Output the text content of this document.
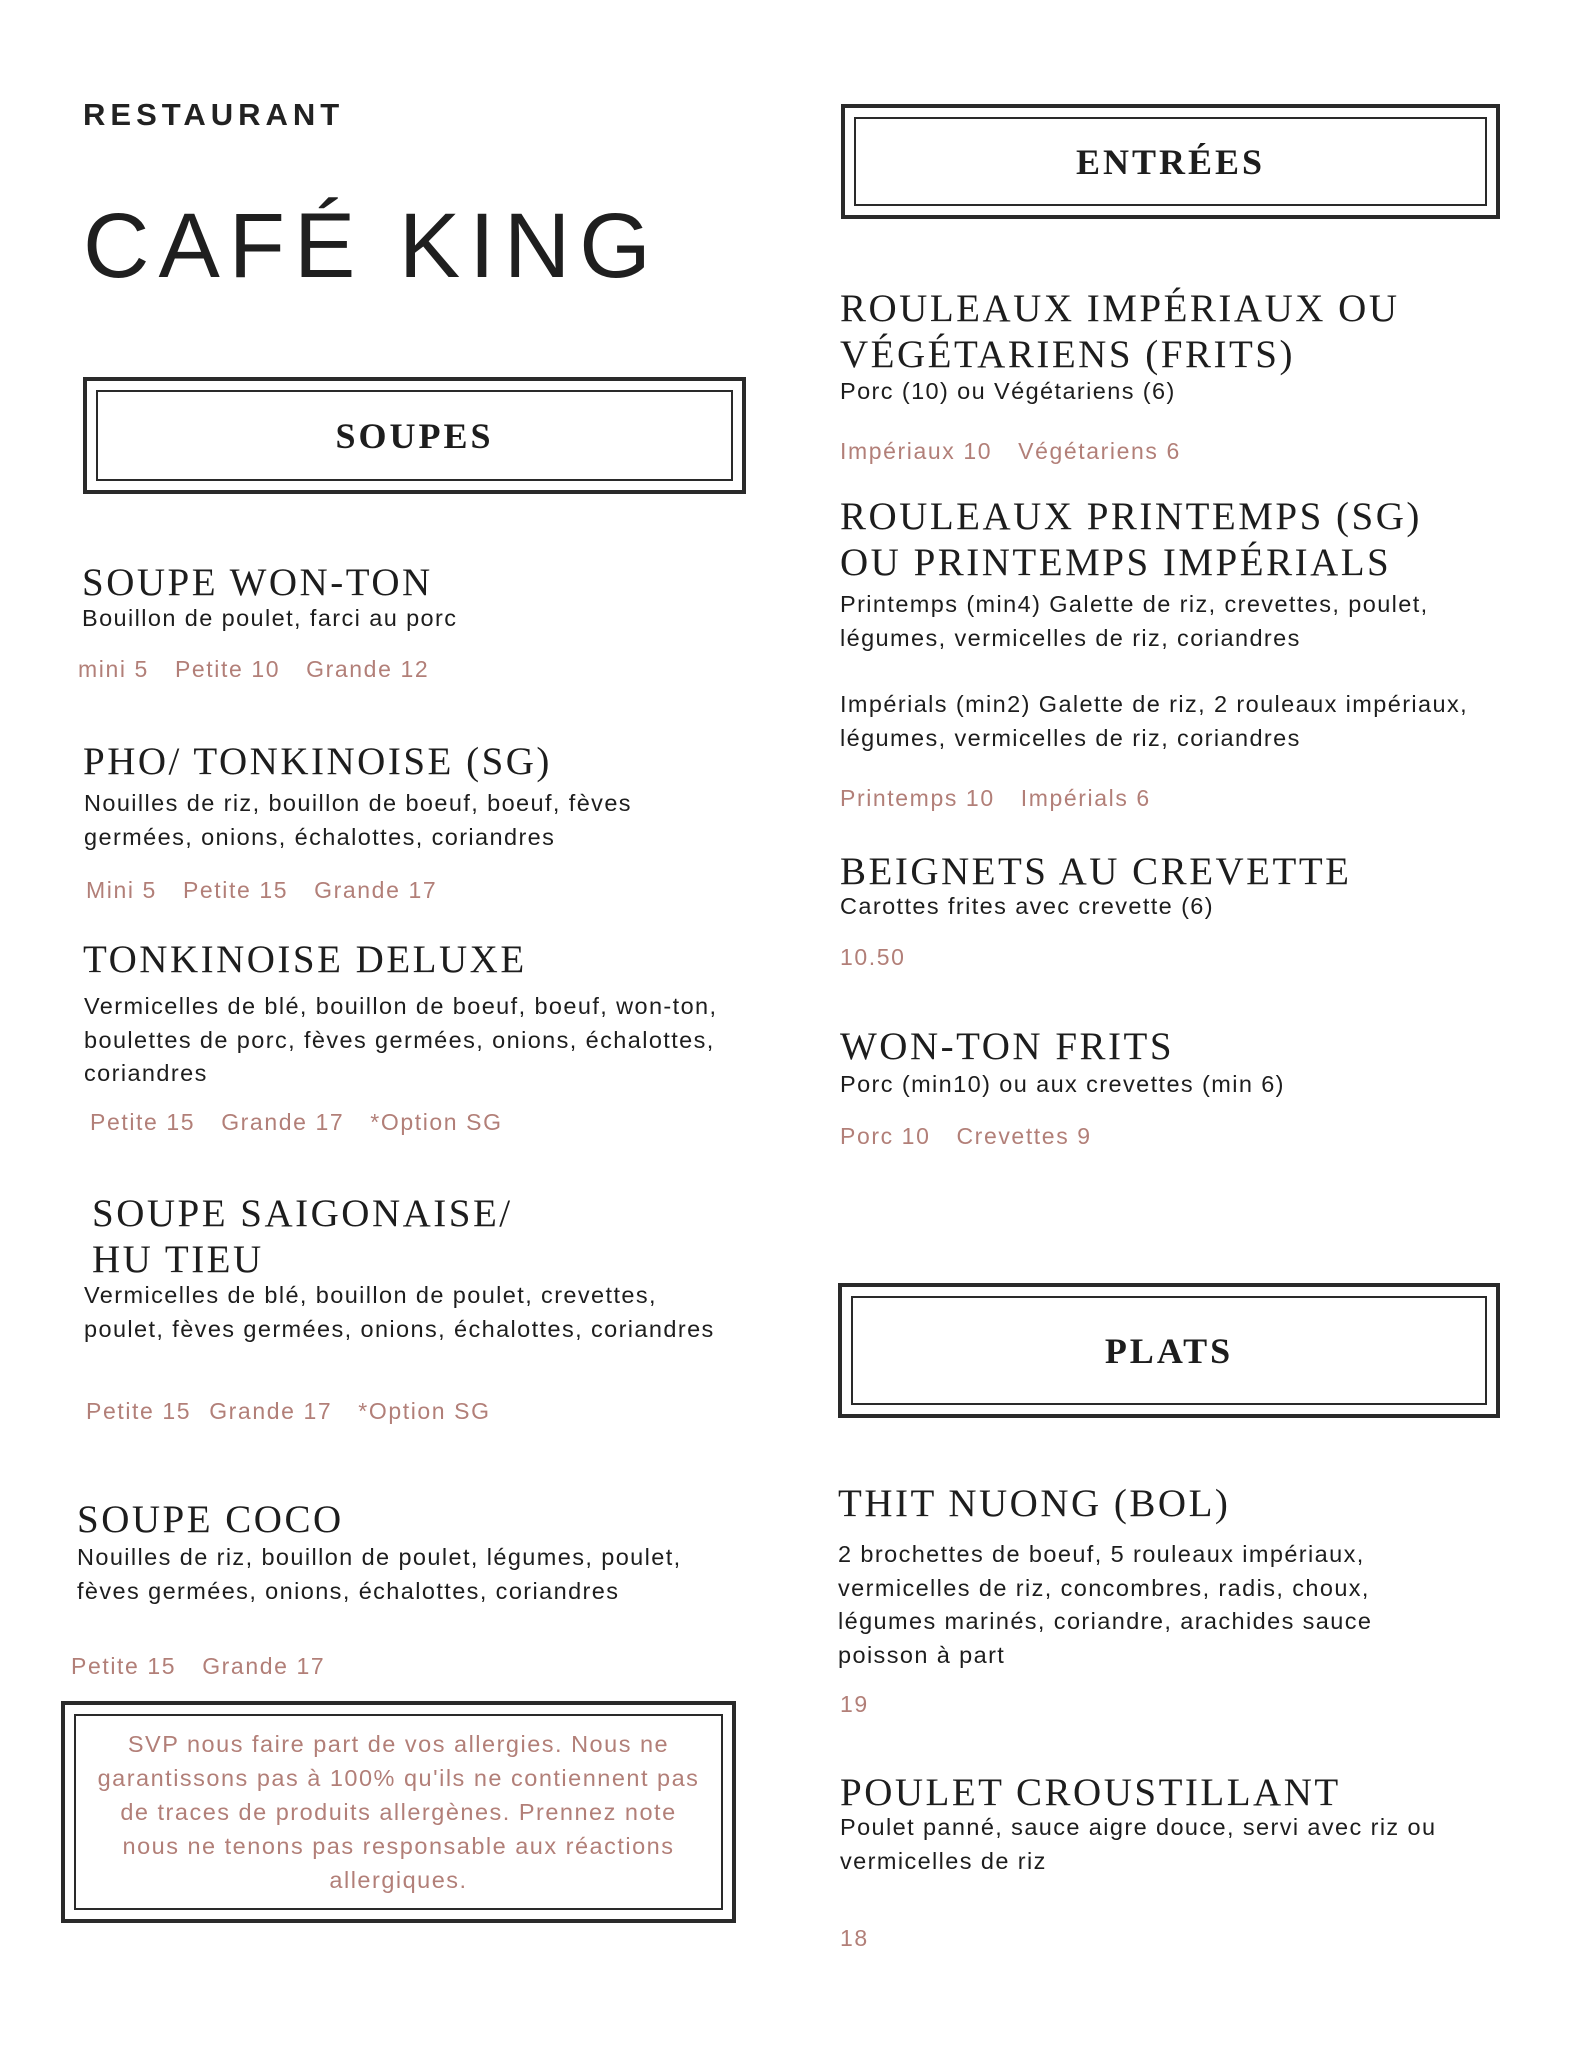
RESTAURANT
CAFÉ KING
SOUPES
SOUPE WON-TON
Bouillon de poulet, farci au porc
mini 5 Petite 10 Grande 12
PHO/ TONKINOISE (SG)
Nouilles de riz, bouillon de boeuf, boeuf, fèves germées, onions, échalottes, coriandres
Mini 5 Petite 15 Grande 17
TONKINOISE DELUXE
Vermicelles de blé, bouillon de boeuf, boeuf, won-ton, boulettes de porc, fèves germées, onions, échalottes, coriandres
Petite 15 Grande 17 *Option SG
SOUPE SAIGONAISE/
HU TIEU
Vermicelles de blé, bouillon de poulet, crevettes, poulet, fèves germées, onions, échalottes, coriandres
Petite 15 Grande 17 *Option SG
SOUPE COCO
Nouilles de riz, bouillon de poulet, légumes, poulet, fèves germées, onions, échalottes, coriandres
Petite 15 Grande 17
SVP nous faire part de vos allergies. Nous ne garantissons pas à 100% qu'ils ne contiennent pas de traces de produits allergènes. Prennez note nous ne tenons pas responsable aux réactions allergiques.
ENTRÉES
ROULEAUX IMPÉRIAUX OU
VÉGÉTARIENS (FRITS)
Porc (10) ou Végétariens (6)
Impériaux 10 Végétariens 6
ROULEAUX PRINTEMPS (SG)
OU PRINTEMPS IMPÉRIALS
Printemps (min4) Galette de riz, crevettes, poulet, légumes, vermicelles de riz, coriandres
Impérials (min2) Galette de riz, 2 rouleaux impériaux, légumes, vermicelles de riz, coriandres
Printemps 10 Impérials 6
BEIGNETS AU CREVETTE
Carottes frites avec crevette (6)
10.50
WON-TON FRITS
Porc (min10) ou aux crevettes (min 6)
Porc 10 Crevettes 9
PLATS
THIT NUONG (BOL)
2 brochettes de boeuf, 5 rouleaux impériaux, vermicelles de riz, concombres, radis, choux, légumes marinés, coriandre, arachides sauce poisson à part
19
POULET CROUSTILLANT
Poulet panné, sauce aigre douce, servi avec riz ou vermicelles de riz
18
